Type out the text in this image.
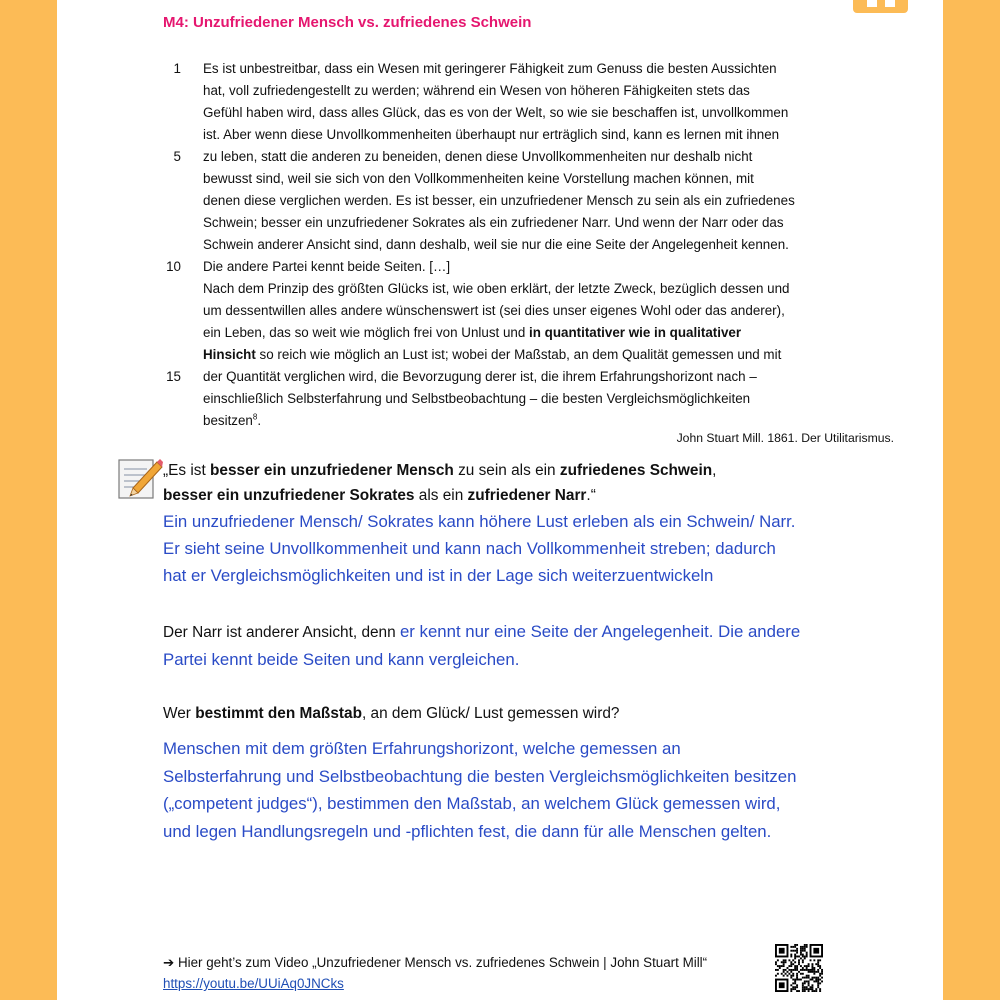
M4: Unzufriedener Mensch vs. zufriedenes Schwein
1 Es ist unbestreitbar, dass ein Wesen mit geringerer Fähigkeit zum Genuss die besten Aussichten
hat, voll zufriedengestellt zu werden; während ein Wesen von höheren Fähigkeiten stets das
Gefühl haben wird, dass alles Glück, das es von der Welt, so wie sie beschaffen ist, unvollkommen
ist. Aber wenn diese Unvollkommenheiten überhaupt nur erträglich sind, kann es lernen mit ihnen
5 zu leben, statt die anderen zu beneiden, denen diese Unvollkommenheiten nur deshalb nicht
bewusst sind, weil sie sich von den Vollkommenheiten keine Vorstellung machen können, mit
denen diese verglichen werden. Es ist besser, ein unzufriedener Mensch zu sein als ein zufriedenes
Schwein; besser ein unzufriedener Sokrates als ein zufriedener Narr. Und wenn der Narr oder das
Schwein anderer Ansicht sind, dann deshalb, weil sie nur die eine Seite der Angelegenheit kennen.
10 Die andere Partei kennt beide Seiten. […]
Nach dem Prinzip des größten Glücks ist, wie oben erklärt, der letzte Zweck, bezüglich dessen und
um dessentwillen alles andere wünschenswert ist (sei dies unser eigenes Wohl oder das anderer),
ein Leben, das so weit wie möglich frei von Unlust und in quantitativer wie in qualitativer
Hinsicht so reich wie möglich an Lust ist; wobei der Maßstab, an dem Qualität gemessen und mit
15 der Quantität verglichen wird, die Bevorzugung derer ist, die ihrem Erfahrungshorizont nach –
einschließlich Selbsterfahrung und Selbstbeobachtung – die besten Vergleichsmöglichkeiten
besitzen$^8$.
John Stuart Mill. 1861. Der Utilitarismus.
„Es ist besser ein unzufriedener Mensch zu sein als ein zufriedenes Schwein,
besser ein unzufriedener Sokrates als ein zufriedener Narr.“
Ein unzufriedener Mensch/ Sokrates kann höhere Lust erleben als ein Schwein/ Narr.
Er sieht seine Unvollkommenheit und kann nach Vollkommenheit streben; dadurch
hat er Vergleichsmöglichkeiten und ist in der Lage sich weiterzuentwickeln
Der Narr ist anderer Ansicht, denn er kennt nur eine Seite der Angelegenheit. Die andere
Partei kennt beide Seiten und kann vergleichen.
Wer bestimmt den Maßstab, an dem Glück/ Lust gemessen wird?
Menschen mit dem größten Erfahrungshorizont, welche gemessen an
Selbsterfahrung und Selbstbeobachtung die besten Vergleichsmöglichkeiten besitzen
(„competent judges“), bestimmen den Maßstab, an welchem Glück gemessen wird,
und legen Handlungsregeln und -pflichten fest, die dann für alle Menschen gelten.
➔ Hier geht’s zum Video „Unzufriedener Mensch vs. zufriedenes Schwein | John Stuart Mill“
https://youtu.be/UUiAq0JNCks
